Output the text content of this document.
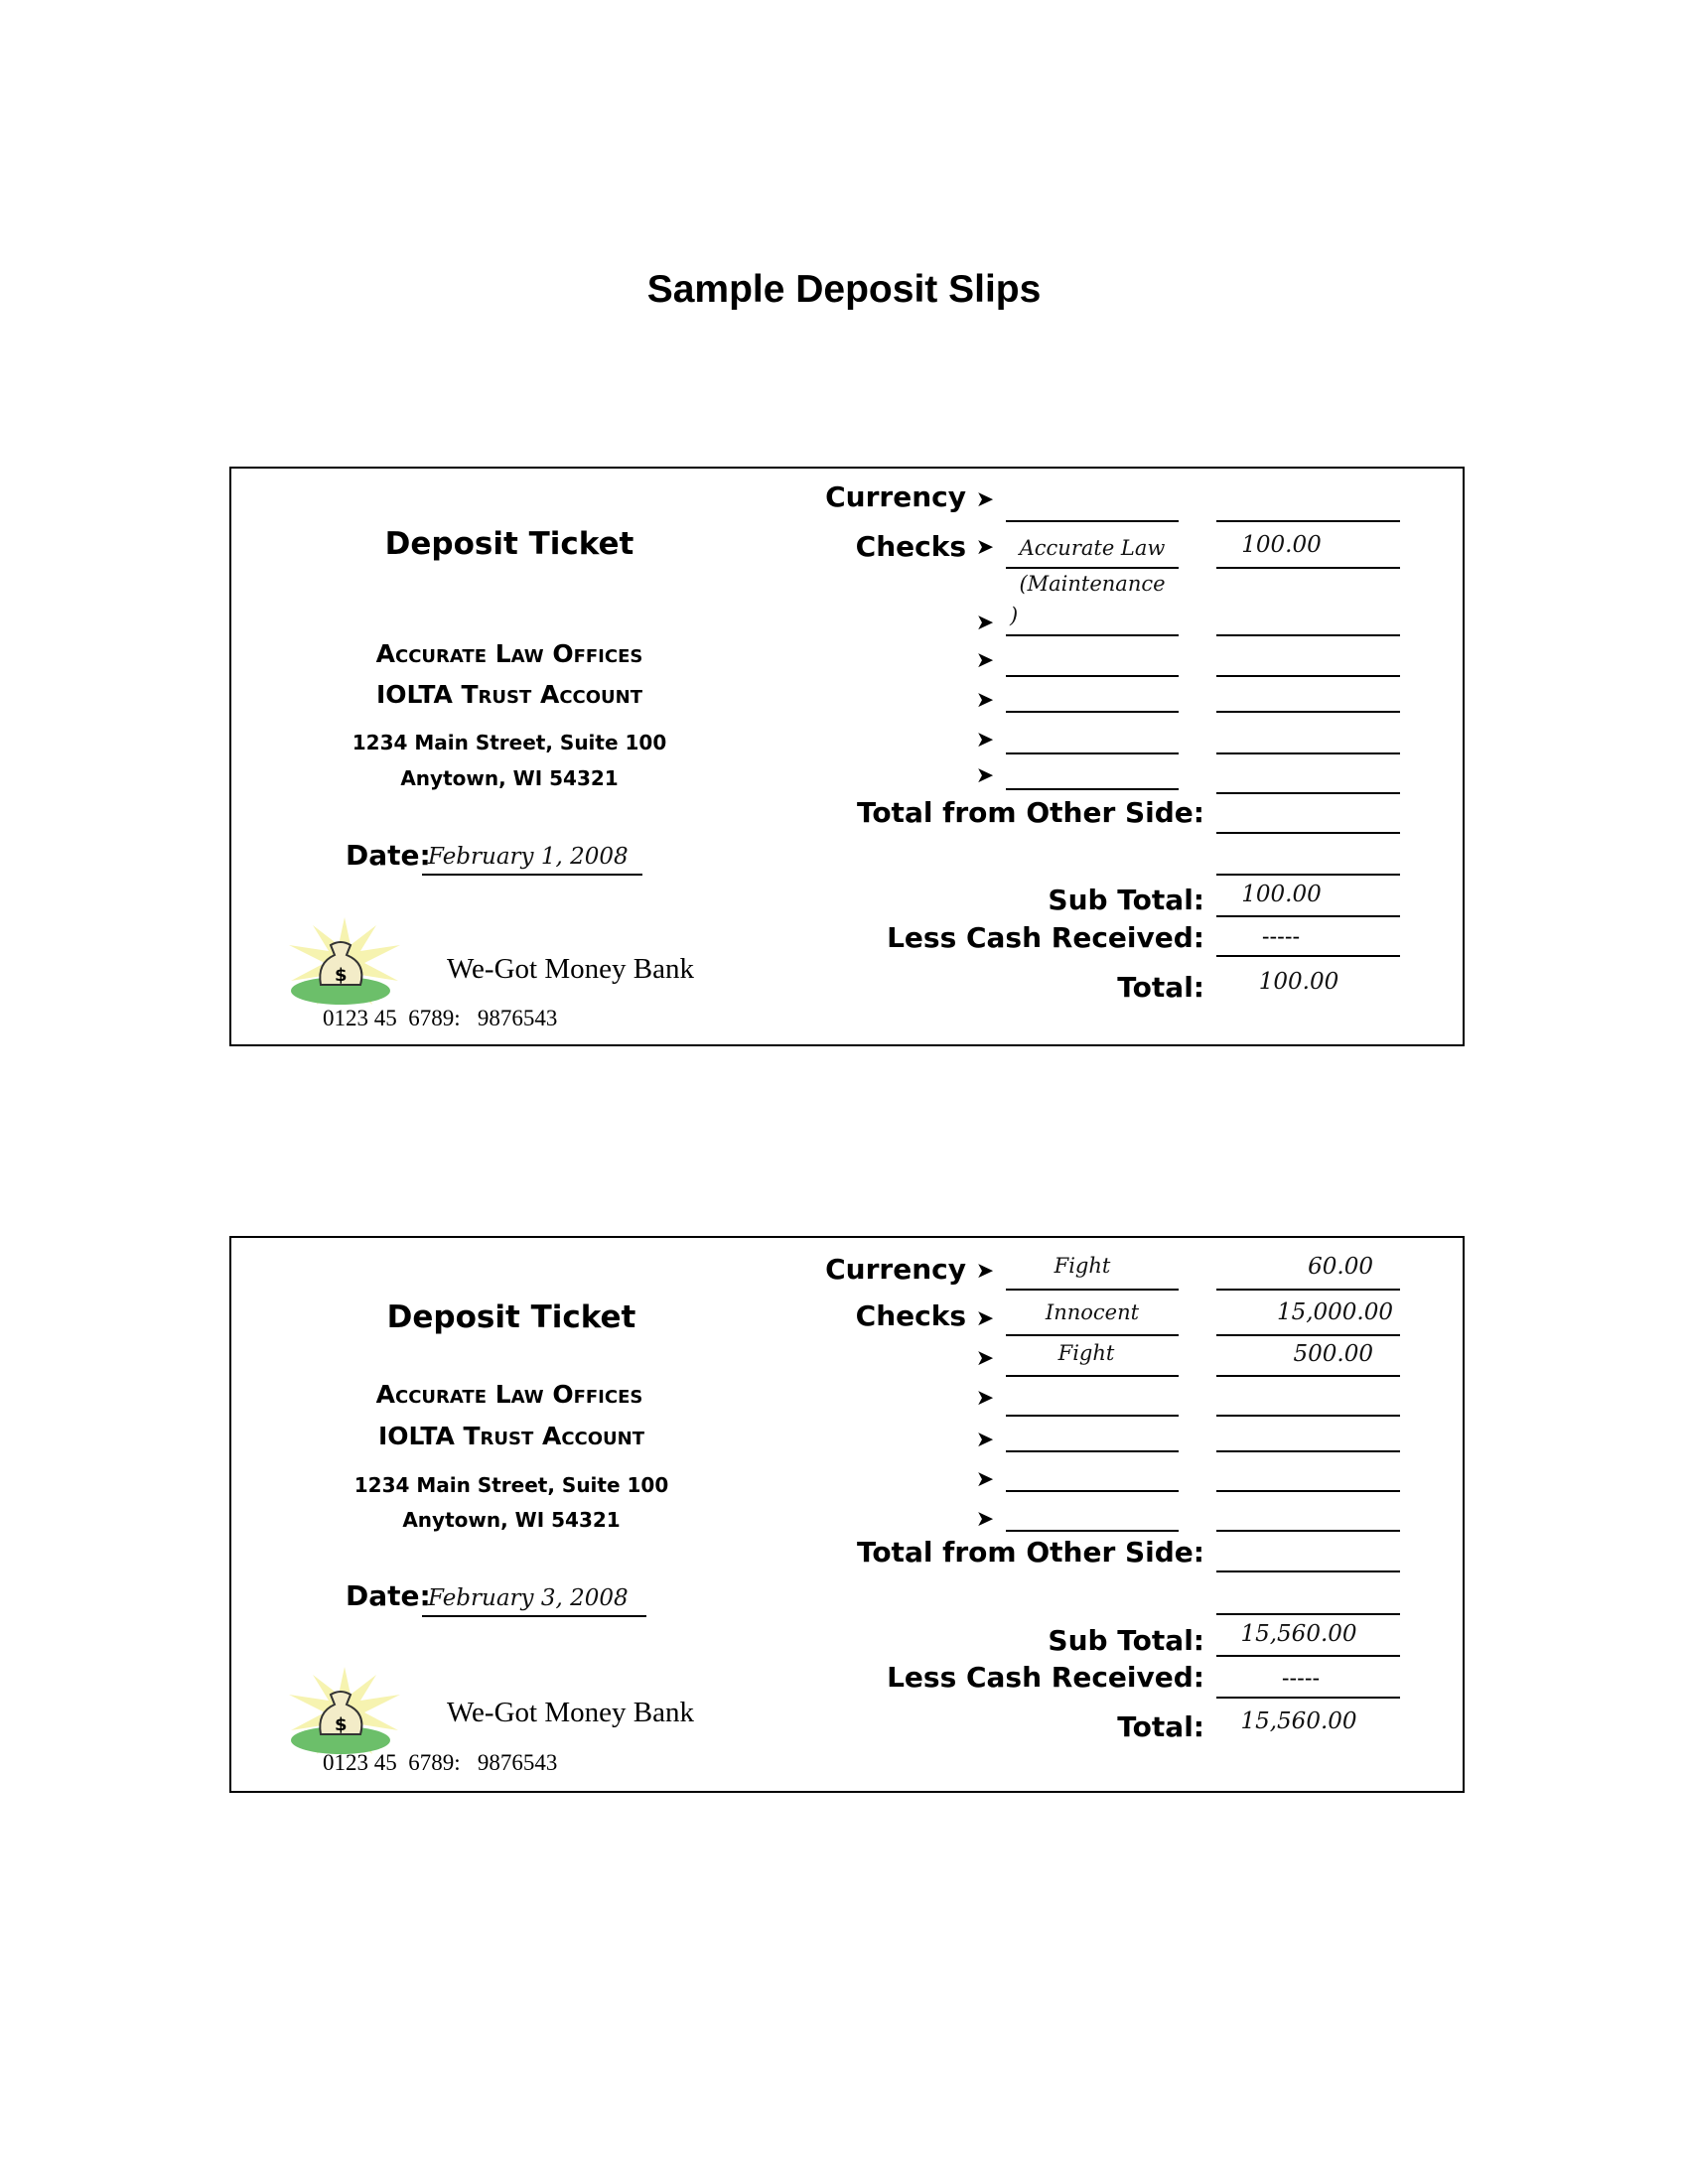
Sample Deposit Slips
Deposit Ticket
Accurate Law Offices
IOLTA Trust Account
1234 Main Street, Suite 100
Anytown, WI 54321
Date:
February 1, 2008
$	We-Got Money Bank
0123 45  6789:   9876543
Currency ➤
Checks ➤	Accurate Law	100.00
(Maintenance
➤ )
➤
➤
➤
➤
Total from Other Side:
Sub Total:	100.00
Less Cash Received:	-----
Total:	100.00
Deposit Ticket
Accurate Law Offices
IOLTA Trust Account
1234 Main Street, Suite 100
Anytown, WI 54321
Date:
February 3, 2008
$	We-Got Money Bank
0123 45  6789:   9876543
Currency ➤	Fight	60.00
Checks ➤	Innocent	15,000.00
➤	Fight	500.00
➤
➤
➤
➤
Total from Other Side:
Sub Total:	15,560.00
Less Cash Received:	-----
Total:	15,560.00
